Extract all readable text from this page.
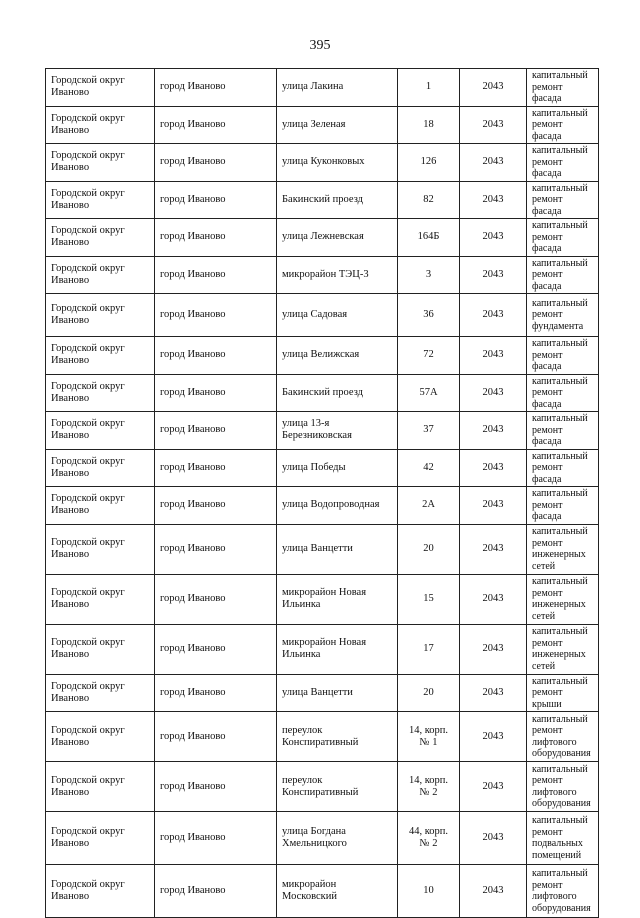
395
Городской округ Иваново	город Иваново	улица Лакина	1	2043	капитальный ремонт фасада
Городской округ Иваново	город Иваново	улица Зеленая	18	2043	капитальный ремонт фасада
Городской округ Иваново	город Иваново	улица Куконковых	126	2043	капитальный ремонт фасада
Городской округ Иваново	город Иваново	Бакинский проезд	82	2043	капитальный ремонт фасада
Городской округ Иваново	город Иваново	улица Лежневская	164Б	2043	капитальный ремонт фасада
Городской округ Иваново	город Иваново	микрорайон ТЭЦ-3	3	2043	капитальный ремонт фасада
Городской округ Иваново	город Иваново	улица Садовая	36	2043	капитальный ремонт фундамента
Городской округ Иваново	город Иваново	улица Велижская	72	2043	капитальный ремонт фасада
Городской округ Иваново	город Иваново	Бакинский проезд	57А	2043	капитальный ремонт фасада
Городской округ Иваново	город Иваново	улица 13-я Березниковская	37	2043	капитальный ремонт фасада
Городской округ Иваново	город Иваново	улица Победы	42	2043	капитальный ремонт фасада
Городской округ Иваново	город Иваново	улица Водопроводная	2А	2043	капитальный ремонт фасада
Городской округ Иваново	город Иваново	улица Ванцетти	20	2043	капитальный ремонт инженерных сетей
Городской округ Иваново	город Иваново	микрорайон Новая Ильинка	15	2043	капитальный ремонт инженерных сетей
Городской округ Иваново	город Иваново	микрорайон Новая Ильинка	17	2043	капитальный ремонт инженерных сетей
Городской округ Иваново	город Иваново	улица Ванцетти	20	2043	капитальный ремонт крыши
Городской округ Иваново	город Иваново	переулок Конспиративный	14, корп. № 1	2043	капитальный ремонт лифтового оборудования
Городской округ Иваново	город Иваново	переулок Конспиративный	14, корп. № 2	2043	капитальный ремонт лифтового оборудования
Городской округ Иваново	город Иваново	улица Богдана Хмельницкого	44, корп. № 2	2043	капитальный ремонт подвальных помещений
Городской округ Иваново	город Иваново	микрорайон Московский	10	2043	капитальный ремонт лифтового оборудования
